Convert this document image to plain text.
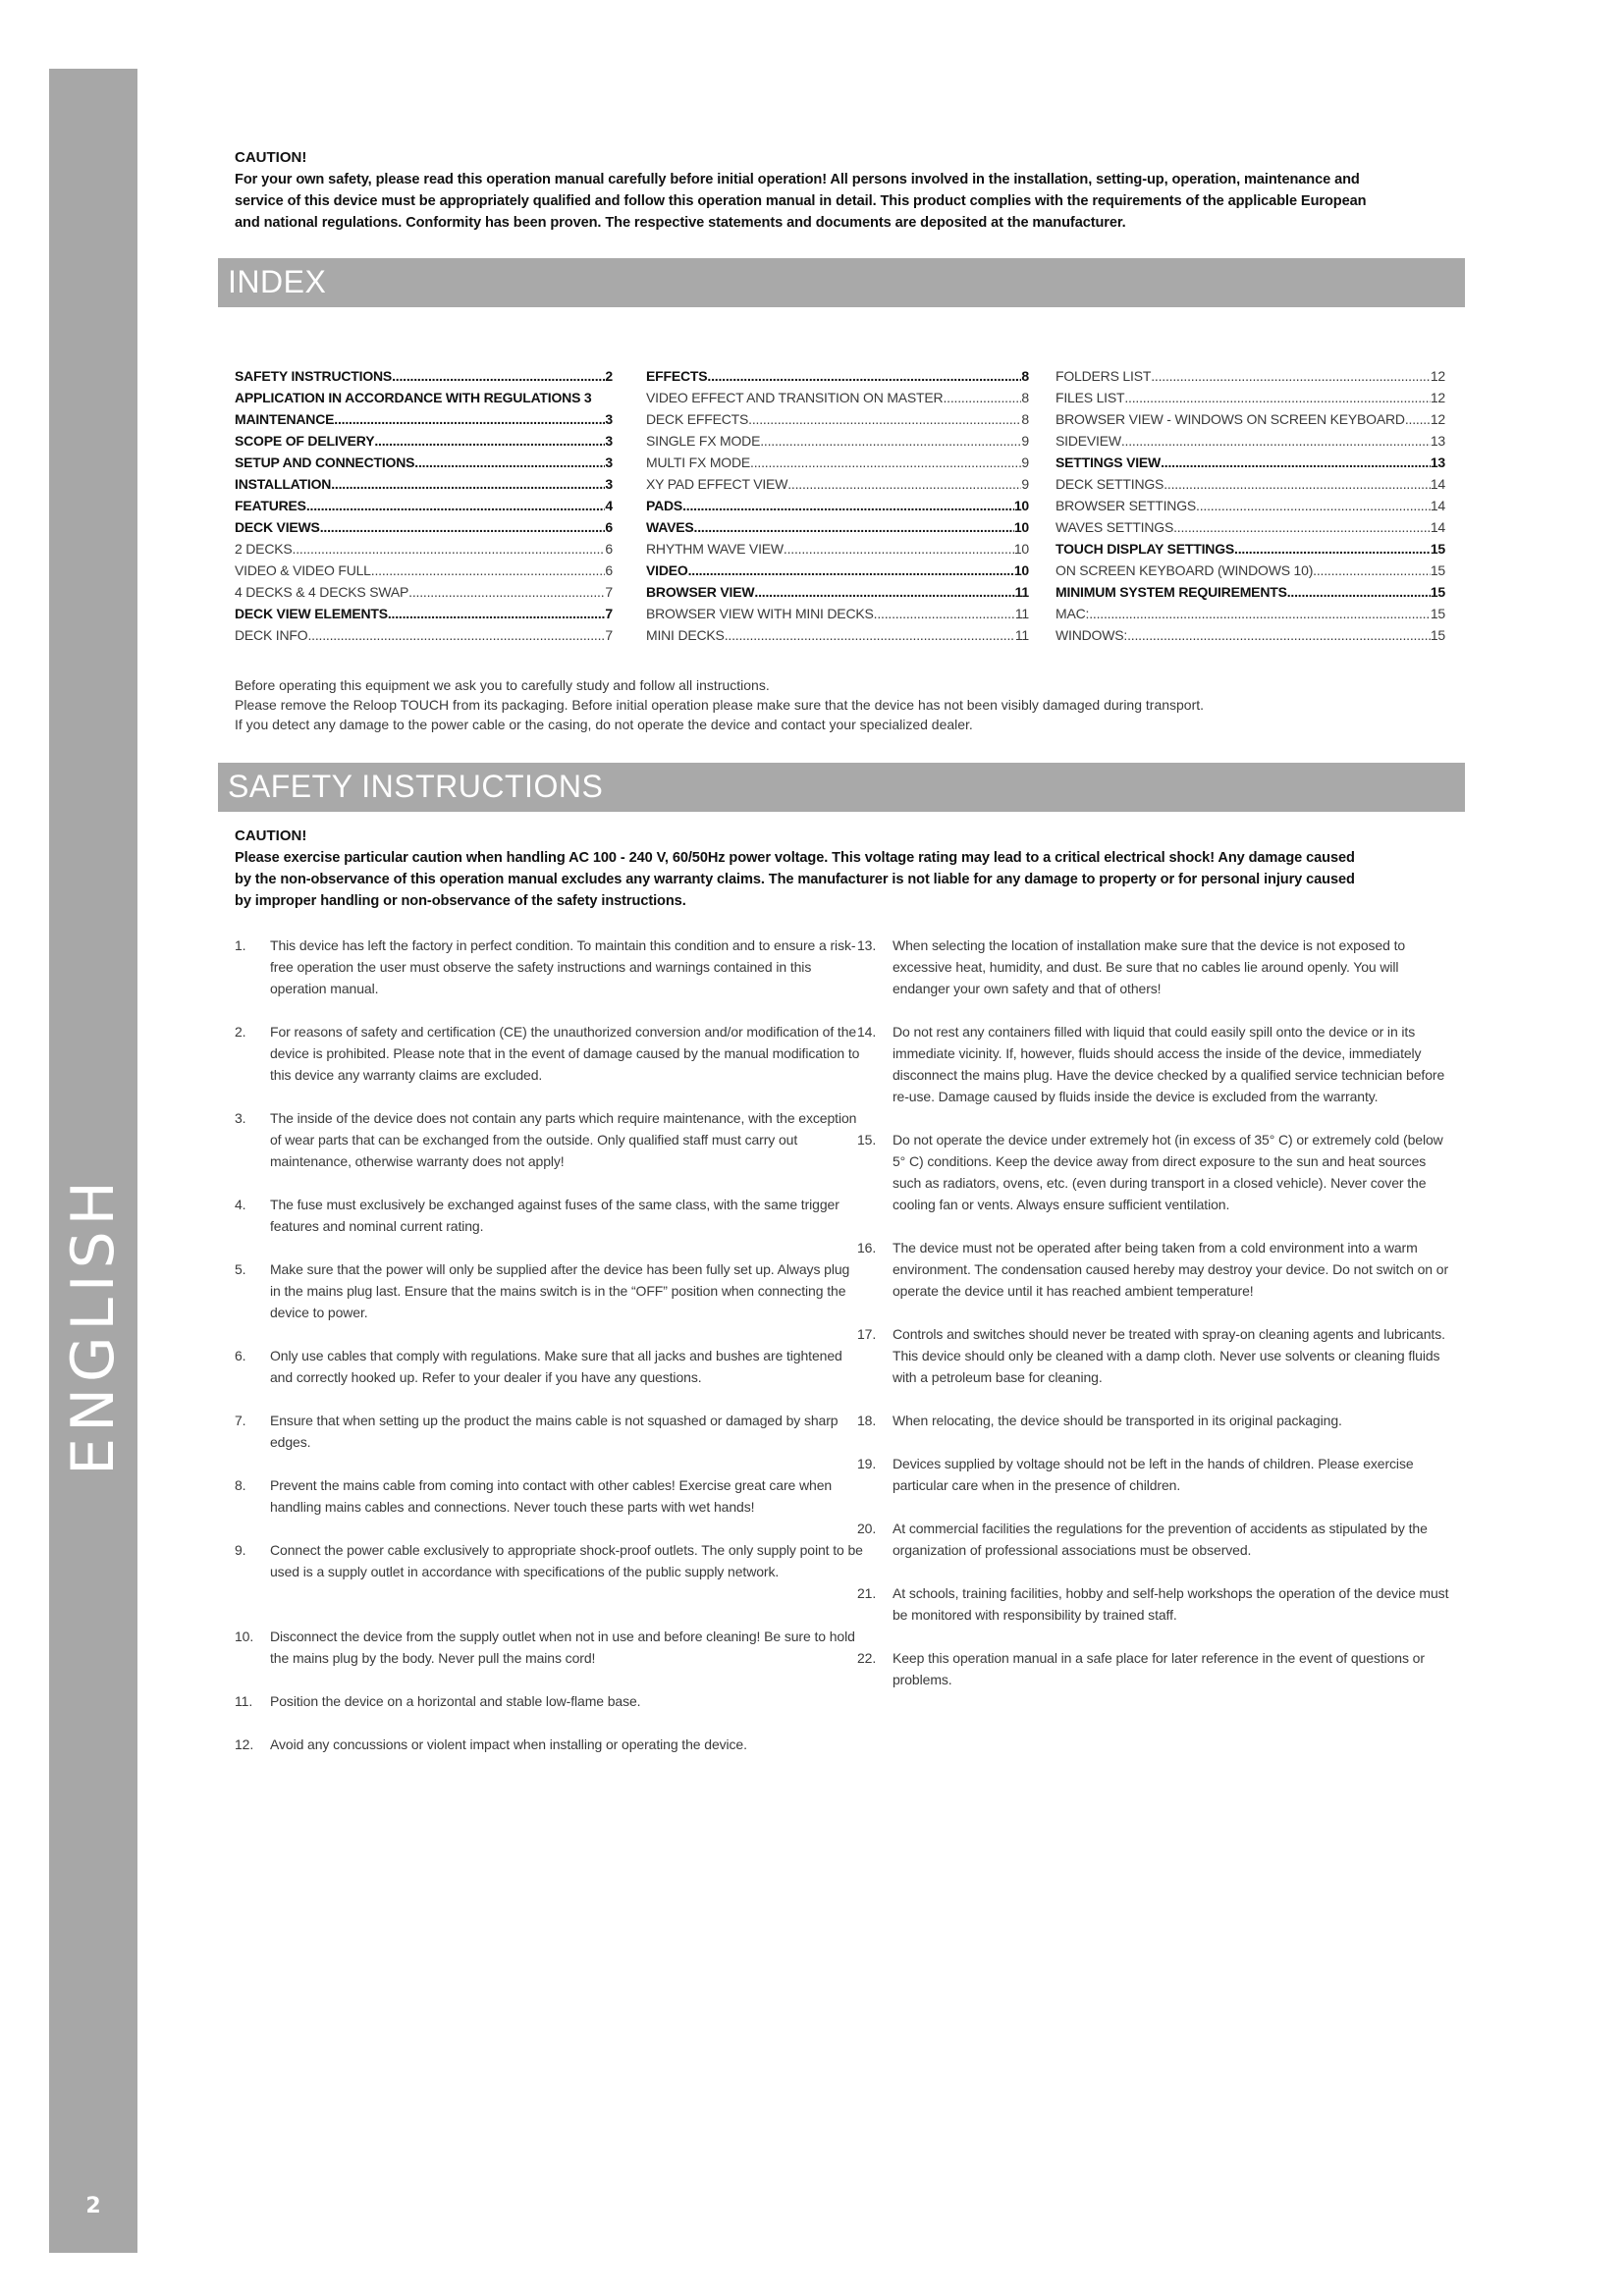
ENGLISH
2
CAUTION!
For your own safety, please read this operation manual carefully before initial operation! All persons involved in the installation, setting-up, operation, maintenance and
service of this device must be appropriately qualified and follow this operation manual in detail. This product complies with the requirements of the applicable European
and national regulations. Conformity has been proven. The respective statements and documents are deposited at the manufacturer.
INDEX
SAFETY INSTRUCTIONS .....	2
APPLICATION IN ACCORDANCE WITH REGULATIONS 3
MAINTENANCE .....	3
SCOPE OF DELIVERY .....	3
SETUP AND CONNECTIONS .....	3
INSTALLATION .....	3
FEATURES .....	4
DECK VIEWS .....	6
2 DECKS .....	6
VIDEO & VIDEO FULL .....	6
4 DECKS & 4 DECKS SWAP .....	7
DECK VIEW ELEMENTS .....	7
DECK INFO .....	7
EFFECTS .....	8
VIDEO EFFECT AND TRANSITION ON MASTER .....	8
DECK EFFECTS .....	8
SINGLE FX MODE .....	9
MULTI FX MODE .....	9
XY PAD EFFECT VIEW .....	9
PADS .....	10
WAVES .....	10
RHYTHM WAVE VIEW .....	10
VIDEO .....	10
BROWSER VIEW .....	11
BROWSER VIEW WITH MINI DECKS .....	11
MINI DECKS .....	11
FOLDERS LIST .....	12
FILES LIST .....	12
BROWSER VIEW - WINDOWS ON SCREEN KEYBOARD ..... 12
SIDEVIEW .....	13
SETTINGS VIEW .....	13
DECK SETTINGS .....	14
BROWSER SETTINGS .....	14
WAVES SETTINGS .....	14
TOUCH DISPLAY SETTINGS .....	15
ON SCREEN KEYBOARD (WINDOWS 10) .....	15
MINIMUM SYSTEM REQUIREMENTS .....	15
MAC: .....	15
WINDOWS: .....	15
Before operating this equipment we ask you to carefully study and follow all instructions.
Please remove the Reloop TOUCH from its packaging. Before initial operation please make sure that the device has not been visibly damaged during transport.
If you detect any damage to the power cable or the casing, do not operate the device and contact your specialized dealer.
SAFETY INSTRUCTIONS
CAUTION!
Please exercise particular caution when handling AC 100 - 240 V, 60/50Hz power voltage. This voltage rating may lead to a critical electrical shock! Any damage caused
by the non-observance of this operation manual excludes any warranty claims. The manufacturer is not liable for any damage to property or for personal injury caused
by improper handling or non-observance of the safety instructions.
1.	This device has left the factory in perfect condition. To maintain this condition and to ensure a risk-free operation the user must observe the safety instructions and warnings contained in this operation manual.
2.	For reasons of safety and certification (CE) the unauthorized conversion and/or modification of the device is prohibited. Please note that in the event of damage caused by the manual modification to this device any warranty claims are excluded.
3.	The inside of the device does not contain any parts which require maintenance, with the exception of wear parts that can be exchanged from the outside. Only qualified staff must carry out maintenance, otherwise warranty does not apply!
4.	The fuse must exclusively be exchanged against fuses of the same class, with the same trigger features and nominal current rating.
5.	Make sure that the power will only be supplied after the device has been fully set up. Always plug in the mains plug last. Ensure that the mains switch is in the “OFF” position when connecting the device to power.
6.	Only use cables that comply with regulations. Make sure that all jacks and bushes are tightened and correctly hooked up. Refer to your dealer if you have any questions.
7.	Ensure that when setting up the product the mains cable is not squashed or damaged by sharp edges.
8.	Prevent the mains cable from coming into contact with other cables! Exercise great care when handling mains cables and connections. Never touch these parts with wet hands!
9.	Connect the power cable exclusively to appropriate shock-proof outlets. The only supply point to be used is a supply outlet in accordance with specifications of the public supply network.
10.	Disconnect the device from the supply outlet when not in use and before cleaning! Be sure to hold the mains plug by the body. Never pull the mains cord!
11.	Position the device on a horizontal and stable low-flame base.
12.	Avoid any concussions or violent impact when installing or operating the device.
13.	When selecting the location of installation make sure that the device is not exposed to excessive heat, humidity, and dust. Be sure that no cables lie around openly. You will endanger your own safety and that of others!
14.	Do not rest any containers filled with liquid that could easily spill onto the device or in its immediate vicinity. If, however, fluids should access the inside of the device, immediately disconnect the mains plug. Have the device checked by a qualified service technician before re-use. Damage caused by fluids inside the device is excluded from the warranty.
15.	Do not operate the device under extremely hot (in excess of 35° C) or extremely cold (below 5° C) conditions. Keep the device away from direct exposure to the sun and heat sources such as radiators, ovens, etc. (even during transport in a closed vehicle). Never cover the cooling fan or vents. Always ensure sufficient ventilation.
16.	The device must not be operated after being taken from a cold environment into a warm environment. The condensation caused hereby may destroy your device. Do not switch on or operate the device until it has reached ambient temperature!
17.	Controls and switches should never be treated with spray-on cleaning agents and lubricants. This device should only be cleaned with a damp cloth. Never use solvents or cleaning fluids with a petroleum base for cleaning.
18.	When relocating, the device should be transported in its original packaging.
19.	Devices supplied by voltage should not be left in the hands of children. Please exercise particular care when in the presence of children.
20.	At commercial facilities the regulations for the prevention of accidents as stipulated by the organization of professional associations must be observed.
21.	At schools, training facilities, hobby and self-help workshops the operation of the device must be monitored with responsibility by trained staff.
22.	Keep this operation manual in a safe place for later reference in the event of questions or problems.
